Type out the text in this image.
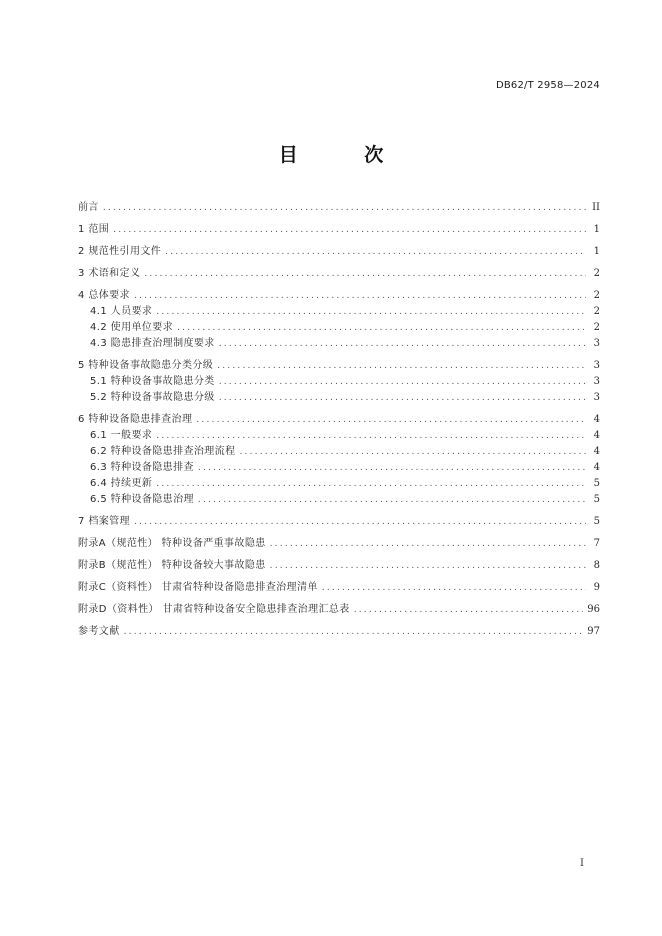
DB62/T 2958—2024
目 次
前言 .....	II
1 范围 .....	1
2 规范性引用文件 .....	1
3 术语和定义 .....	2
4 总体要求 .....	2
4.1 人员要求 .....	2
4.2 使用单位要求 .....	2
4.3 隐患排查治理制度要求 .....	3
5 特种设备事故隐患分类分级 .....	3
5.1 特种设备事故隐患分类 .....	3
5.2 特种设备事故隐患分级 .....	3
6 特种设备隐患排查治理 .....	4
6.1 一般要求 .....	4
6.2 特种设备隐患排查治理流程 .....	4
6.3 特种设备隐患排查 .....	4
6.4 持续更新 .....	5
6.5 特种设备隐患治理 .....	5
7 档案管理 .....	5
附录A（规范性） 特种设备严重事故隐患 .....	7
附录B（规范性） 特种设备较大事故隐患 .....	8
附录C（资料性） 甘肃省特种设备隐患排查治理清单 .....	9
附录D（资料性） 甘肃省特种设备安全隐患排查治理汇总表 .....	96
参考文献 .....	97
I
